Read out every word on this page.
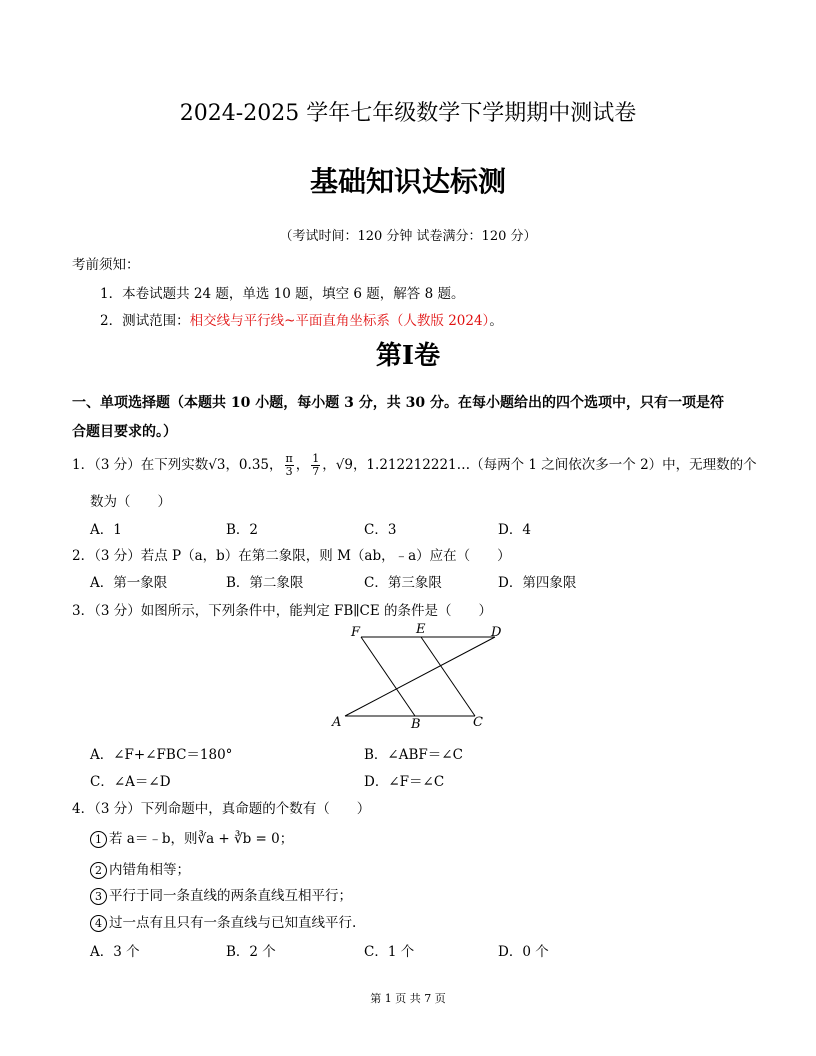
2024-2025 学年七年级数学下学期期中测试卷
基础知识达标测
（考试时间：120 分钟 试卷满分：120 分）
考前须知：
1．本卷试题共 24 题，单选 10 题，填空 6 题，解答 8 题。
2．测试范围：相交线与平行线~平面直角坐标系（人教版 2024）。
第Ⅰ卷
一、单项选择题（本题共 10 小题，每小题 3 分，共 30 分。在每小题给出的四个选项中，只有一项是符
合题目要求的。）
1．（3 分）在下列实数√3，0.35， $\frac{\pi}{3}$ ， $\frac{1}{7}$ ，√9，1.212212221…（每两个 1 之间依次多一个 2）中，无理数的个
数为（　　）
A．1	B．2	C．3	D．4
2．（3 分）若点 P（a，b）在第二象限，则 M（ab，﹣a）应在（　　）
A．第一象限	B．第二象限	C．第三象限	D．第四象限
3．（3 分）如图所示，下列条件中，能判定 FB∥CE 的条件是（　　）
F	E	D
A	B	C
A．∠F+∠FBC＝180°	B．∠ABF＝∠C
C．∠A＝∠D	D．∠F＝∠C
4．（3 分）下列命题中，真命题的个数有（　　）
1 若 a＝﹣b，则∛a + ∛b = 0；
2 内错角相等；
3 平行于同一条直线的两条直线互相平行；
4 过一点有且只有一条直线与已知直线平行.
A．3 个	B．2 个	C．1 个	D．0 个
第 1 页 共 7 页
